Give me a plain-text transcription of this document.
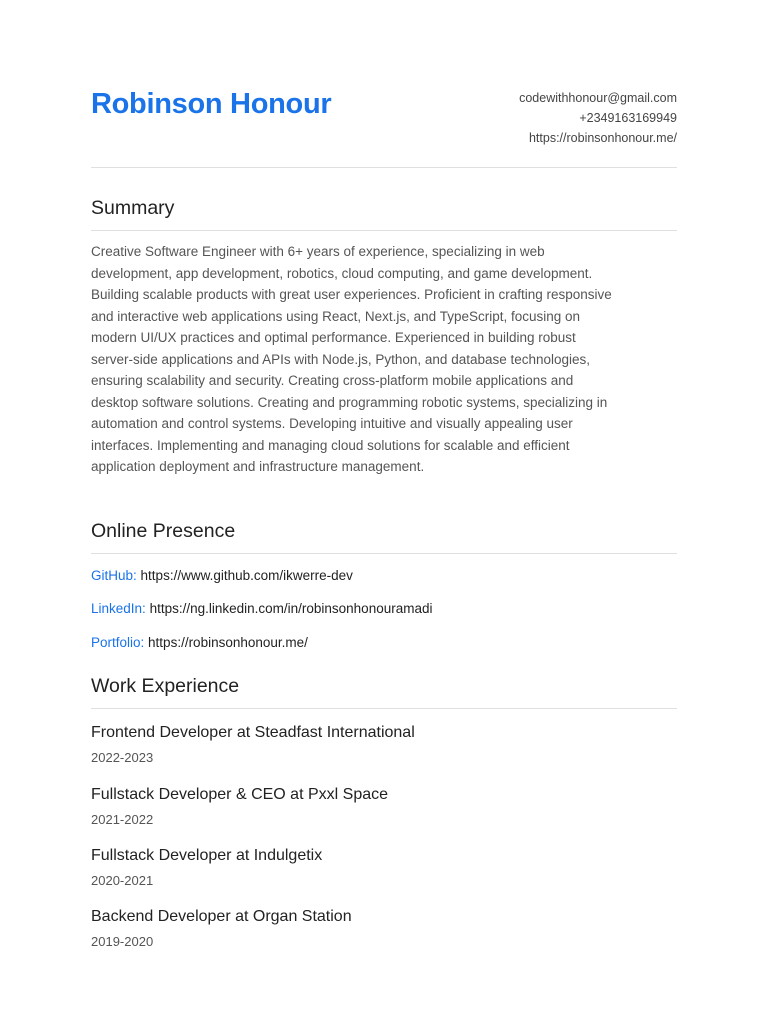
Robinson Honour	codewithhonour@gmail.com
+2349163169949
https://robinsonhonour.me/
Summary

Creative Software Engineer with 6+ years of experience, specializing in web development, app development, robotics, cloud computing, and game development. Building scalable products with great user experiences. Proficient in crafting responsive and interactive web applications using React, Next.js, and TypeScript, focusing on modern UI/UX practices and optimal performance. Experienced in building robust server-side applications and APIs with Node.js, Python, and database technologies, ensuring scalability and security. Creating cross-platform mobile applications and desktop software solutions. Creating and programming robotic systems, specializing in automation and control systems. Developing intuitive and visually appealing user interfaces. Implementing and managing cloud solutions for scalable and efficient application deployment and infrastructure management.

Online Presence
GitHub: https://www.github.com/ikwerre-dev
LinkedIn: https://ng.linkedin.com/in/robinsonhonouramadi
Portfolio: https://robinsonhonour.me/
Work Experience
Frontend Developer at Steadfast International
2022-2023
Fullstack Developer & CEO at Pxxl Space
2021-2022
Fullstack Developer at Indulgetix
2020-2021
Backend Developer at Organ Station
2019-2020
